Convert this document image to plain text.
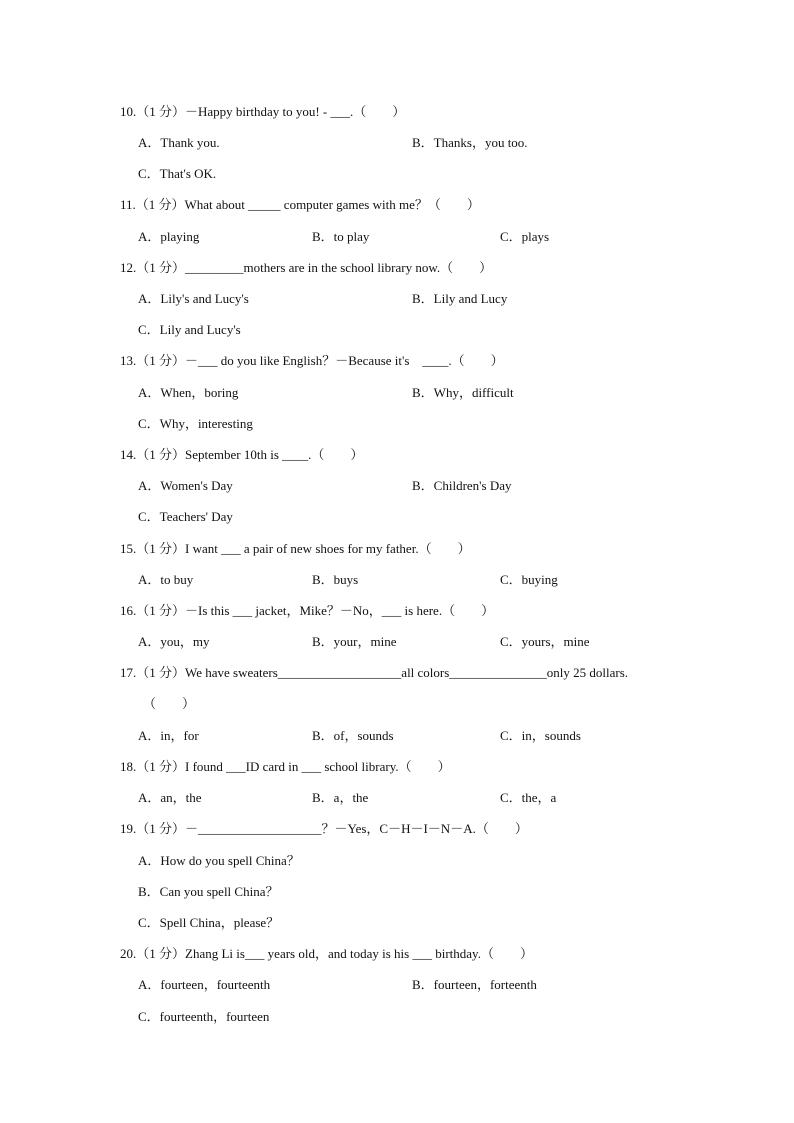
10.（1 分）－Happy birthday to you! - ___.（　　）
A．Thank you.	B．Thanks，you too.
C．That's OK.
11.（1 分）What about _____ computer games with me？（　　）
A．playing	B．to play	C．plays
12.（1 分）_________mothers are in the school library now.（　　）
A．Lily's and Lucy's	B．Lily and Lucy
C．Lily and Lucy's
13.（1 分）－___ do you like English？－Because it's　____.（　　）
A．When，boring	B．Why，difficult
C．Why，interesting
14.（1 分）September 10th is ____.（　　）
A．Women's Day	B．Children's Day
C．Teachers' Day
15.（1 分）I want ___ a pair of new shoes for my father.（　　）
A．to buy	B．buys	C．buying
16.（1 分）－Is this ___ jacket，Mike？－No，___ is here.（　　）
A．you，my	B．your，mine	C．yours，mine
17.（1 分）We have sweaters___________________all colors_______________only 25 dollars.
（　　）
A．in，for	B．of，sounds	C．in，sounds
18.（1 分）I found ___ID card in ___ school library.（　　）
A．an，the	B．a，the	C．the，a
19.（1 分）－___________________？－Yes，C－H－I－N－A.（　　）
A．How do you spell China？
B．Can you spell China？
C．Spell China，please？
20.（1 分）Zhang Li is___ years old，and today is his ___ birthday.（　　）
A．fourteen，fourteenth	B．fourteen，forteenth
C．fourteenth，fourteen
